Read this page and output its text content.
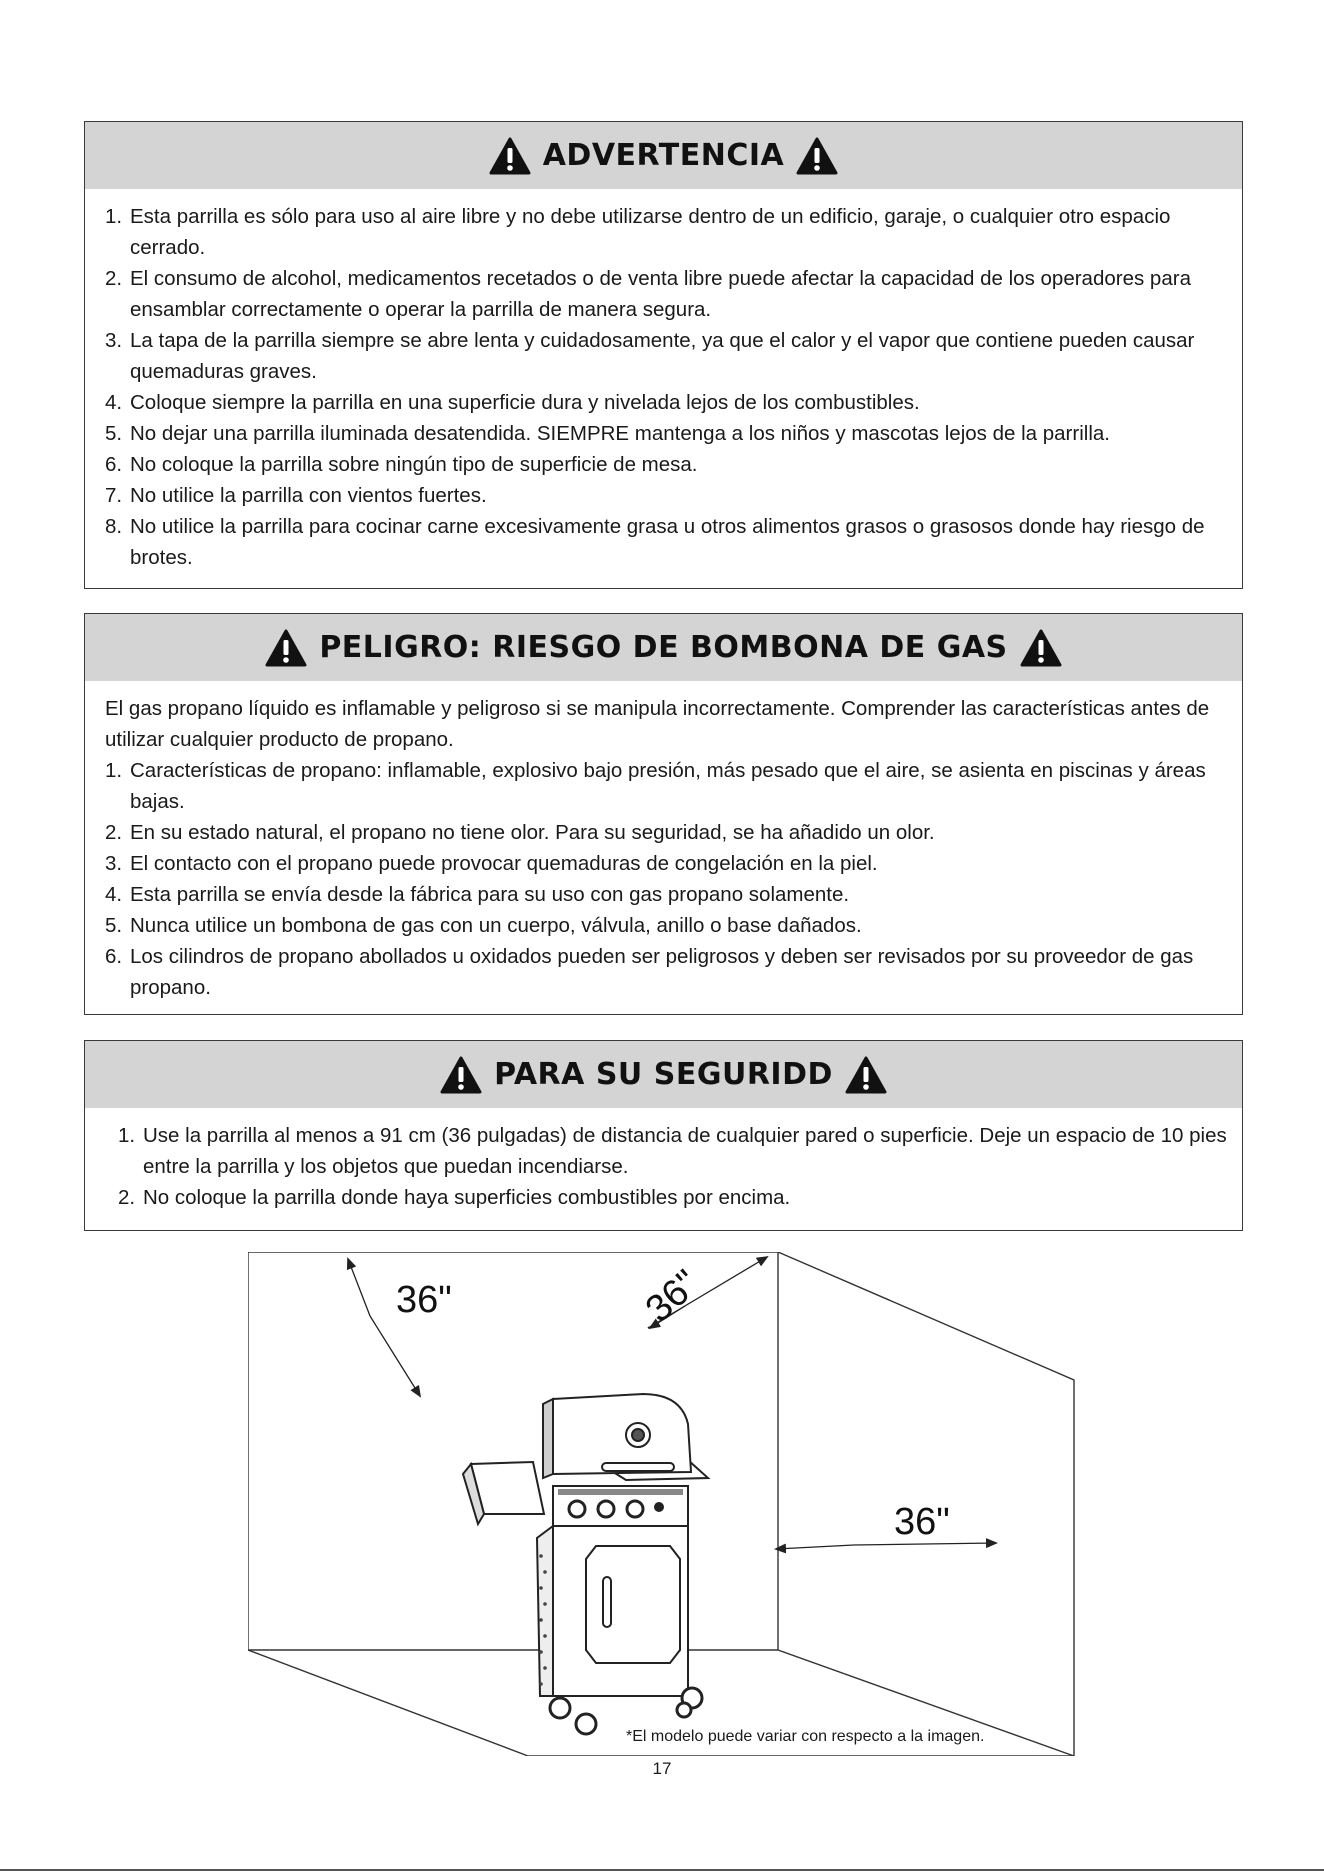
ADVERTENCIA
1. Esta parrilla es sólo para uso al aire libre y no debe utilizarse dentro de un edificio, garaje, o cualquier otro espacio cerrado.
2. El consumo de alcohol, medicamentos recetados o de venta libre puede afectar la capacidad de los operadores para ensamblar correctamente o operar la parrilla de manera segura.
3. La tapa de la parrilla siempre se abre lenta y cuidadosamente, ya que el calor y el vapor que contiene pueden causar quemaduras graves.
4. Coloque siempre la parrilla en una superficie dura y nivelada lejos de los combustibles.
5. No dejar una parrilla iluminada desatendida. SIEMPRE mantenga a los niños y mascotas lejos de la parrilla.
6. No coloque la parrilla sobre ningún tipo de superficie de mesa.
7. No utilice la parrilla con vientos fuertes.
8. No utilice la parrilla para cocinar carne excesivamente grasa u otros alimentos grasos o grasosos donde hay riesgo de brotes.
PELIGRO: RIESGO DE BOMBONA DE GAS

El gas propano líquido es inflamable y peligroso si se manipula incorrectamente. Comprender las características antes de utilizar cualquier producto de propano.

1. Características de propano: inflamable, explosivo bajo presión, más pesado que el aire, se asienta en piscinas y áreas bajas.
2. En su estado natural, el propano no tiene olor. Para su seguridad, se ha añadido un olor.
3. El contacto con el propano puede provocar quemaduras de congelación en la piel.
4. Esta parrilla se envía desde la fábrica para su uso con gas propano solamente.
5. Nunca utilice un bombona de gas con un cuerpo, válvula, anillo o base dañados.
6. Los cilindros de propano abollados u oxidados pueden ser peligrosos y deben ser revisados por su proveedor de gas propano.
PARA SU SEGURIDD
1. Use la parrilla al menos a 91 cm (36 pulgadas) de distancia de cualquier pared o superficie. Deje un espacio de 10 pies entre la parrilla y los objetos que puedan incendiarse.
2. No coloque la parrilla donde haya superficies combustibles por encima.
36"	36"
36"
*El modelo puede variar con respecto a la imagen.
17
